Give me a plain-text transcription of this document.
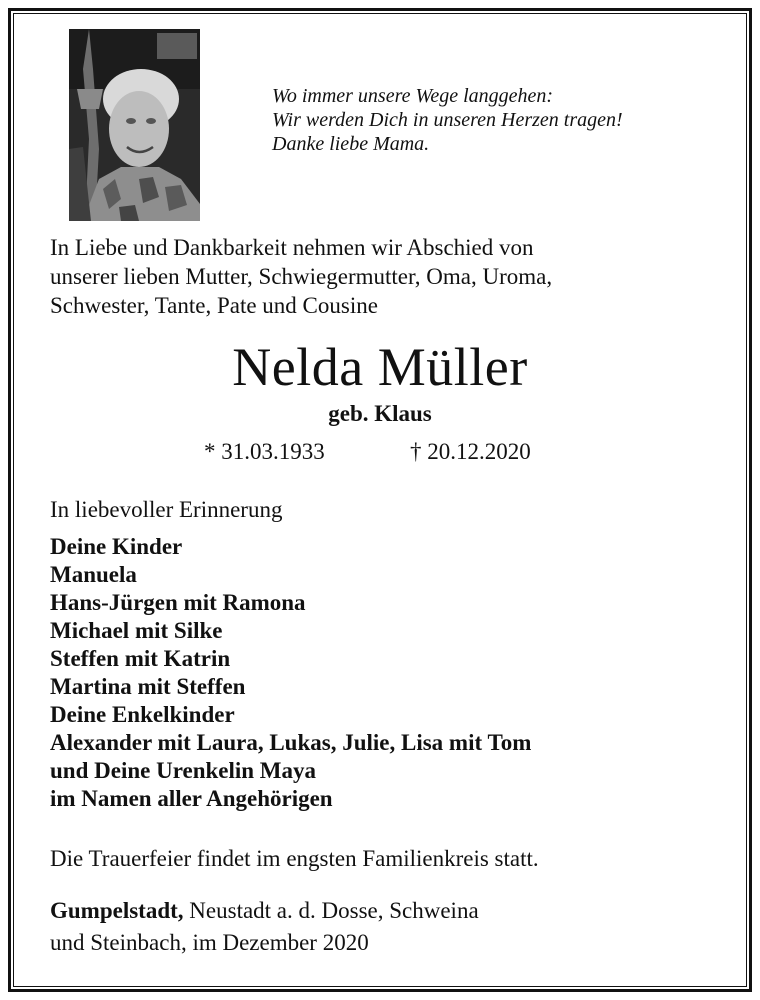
Wo immer unsere Wege langgehen:
Wir werden Dich in unseren Herzen tragen!
Danke liebe Mama.
In Liebe und Dankbarkeit nehmen wir Abschied von
unserer lieben Mutter, Schwiegermutter, Oma, Uroma,
Schwester, Tante, Pate und Cousine
Nelda Müller
geb. Klaus
* 31.03.1933	† 20.12.2020
In liebevoller Erinnerung
Deine Kinder
Manuela
Hans-Jürgen mit Ramona
Michael mit Silke
Steffen mit Katrin
Martina mit Steffen
Deine Enkelkinder
Alexander mit Laura, Lukas, Julie, Lisa mit Tom
und Deine Urenkelin Maya
im Namen aller Angehörigen
Die Trauerfeier findet im engsten Familienkreis statt.
Gumpelstadt, Neustadt a. d. Dosse, Schweina
und Steinbach, im Dezember 2020
